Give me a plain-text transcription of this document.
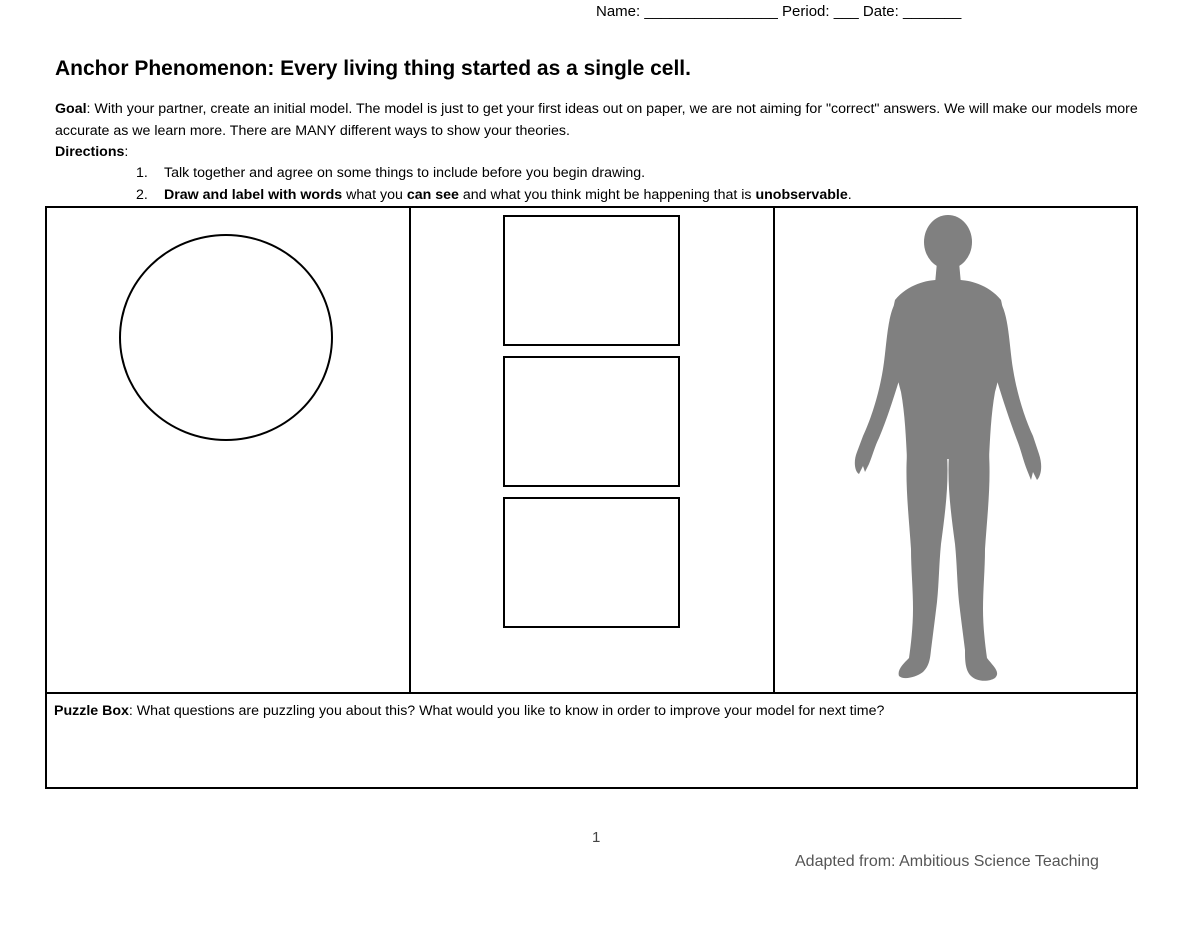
Name: ________________ Period: ___ Date: _______
Anchor Phenomenon: Every living thing started as a single cell.

Goal: With your partner, create an initial model. The model is just to get your first ideas out on paper, we are not aiming for "correct" answers. We will make our models more accurate as we learn more. There are MANY different ways to show your theories.

Directions:

1. Talk together and agree on some things to include before you begin drawing.
2. Draw and label with words what you can see and what you think might be happening that is unobservable.
Puzzle Box: What questions are puzzling you about this? What would you like to know in order to improve your model for next time?
1
Adapted from: Ambitious Science Teaching
